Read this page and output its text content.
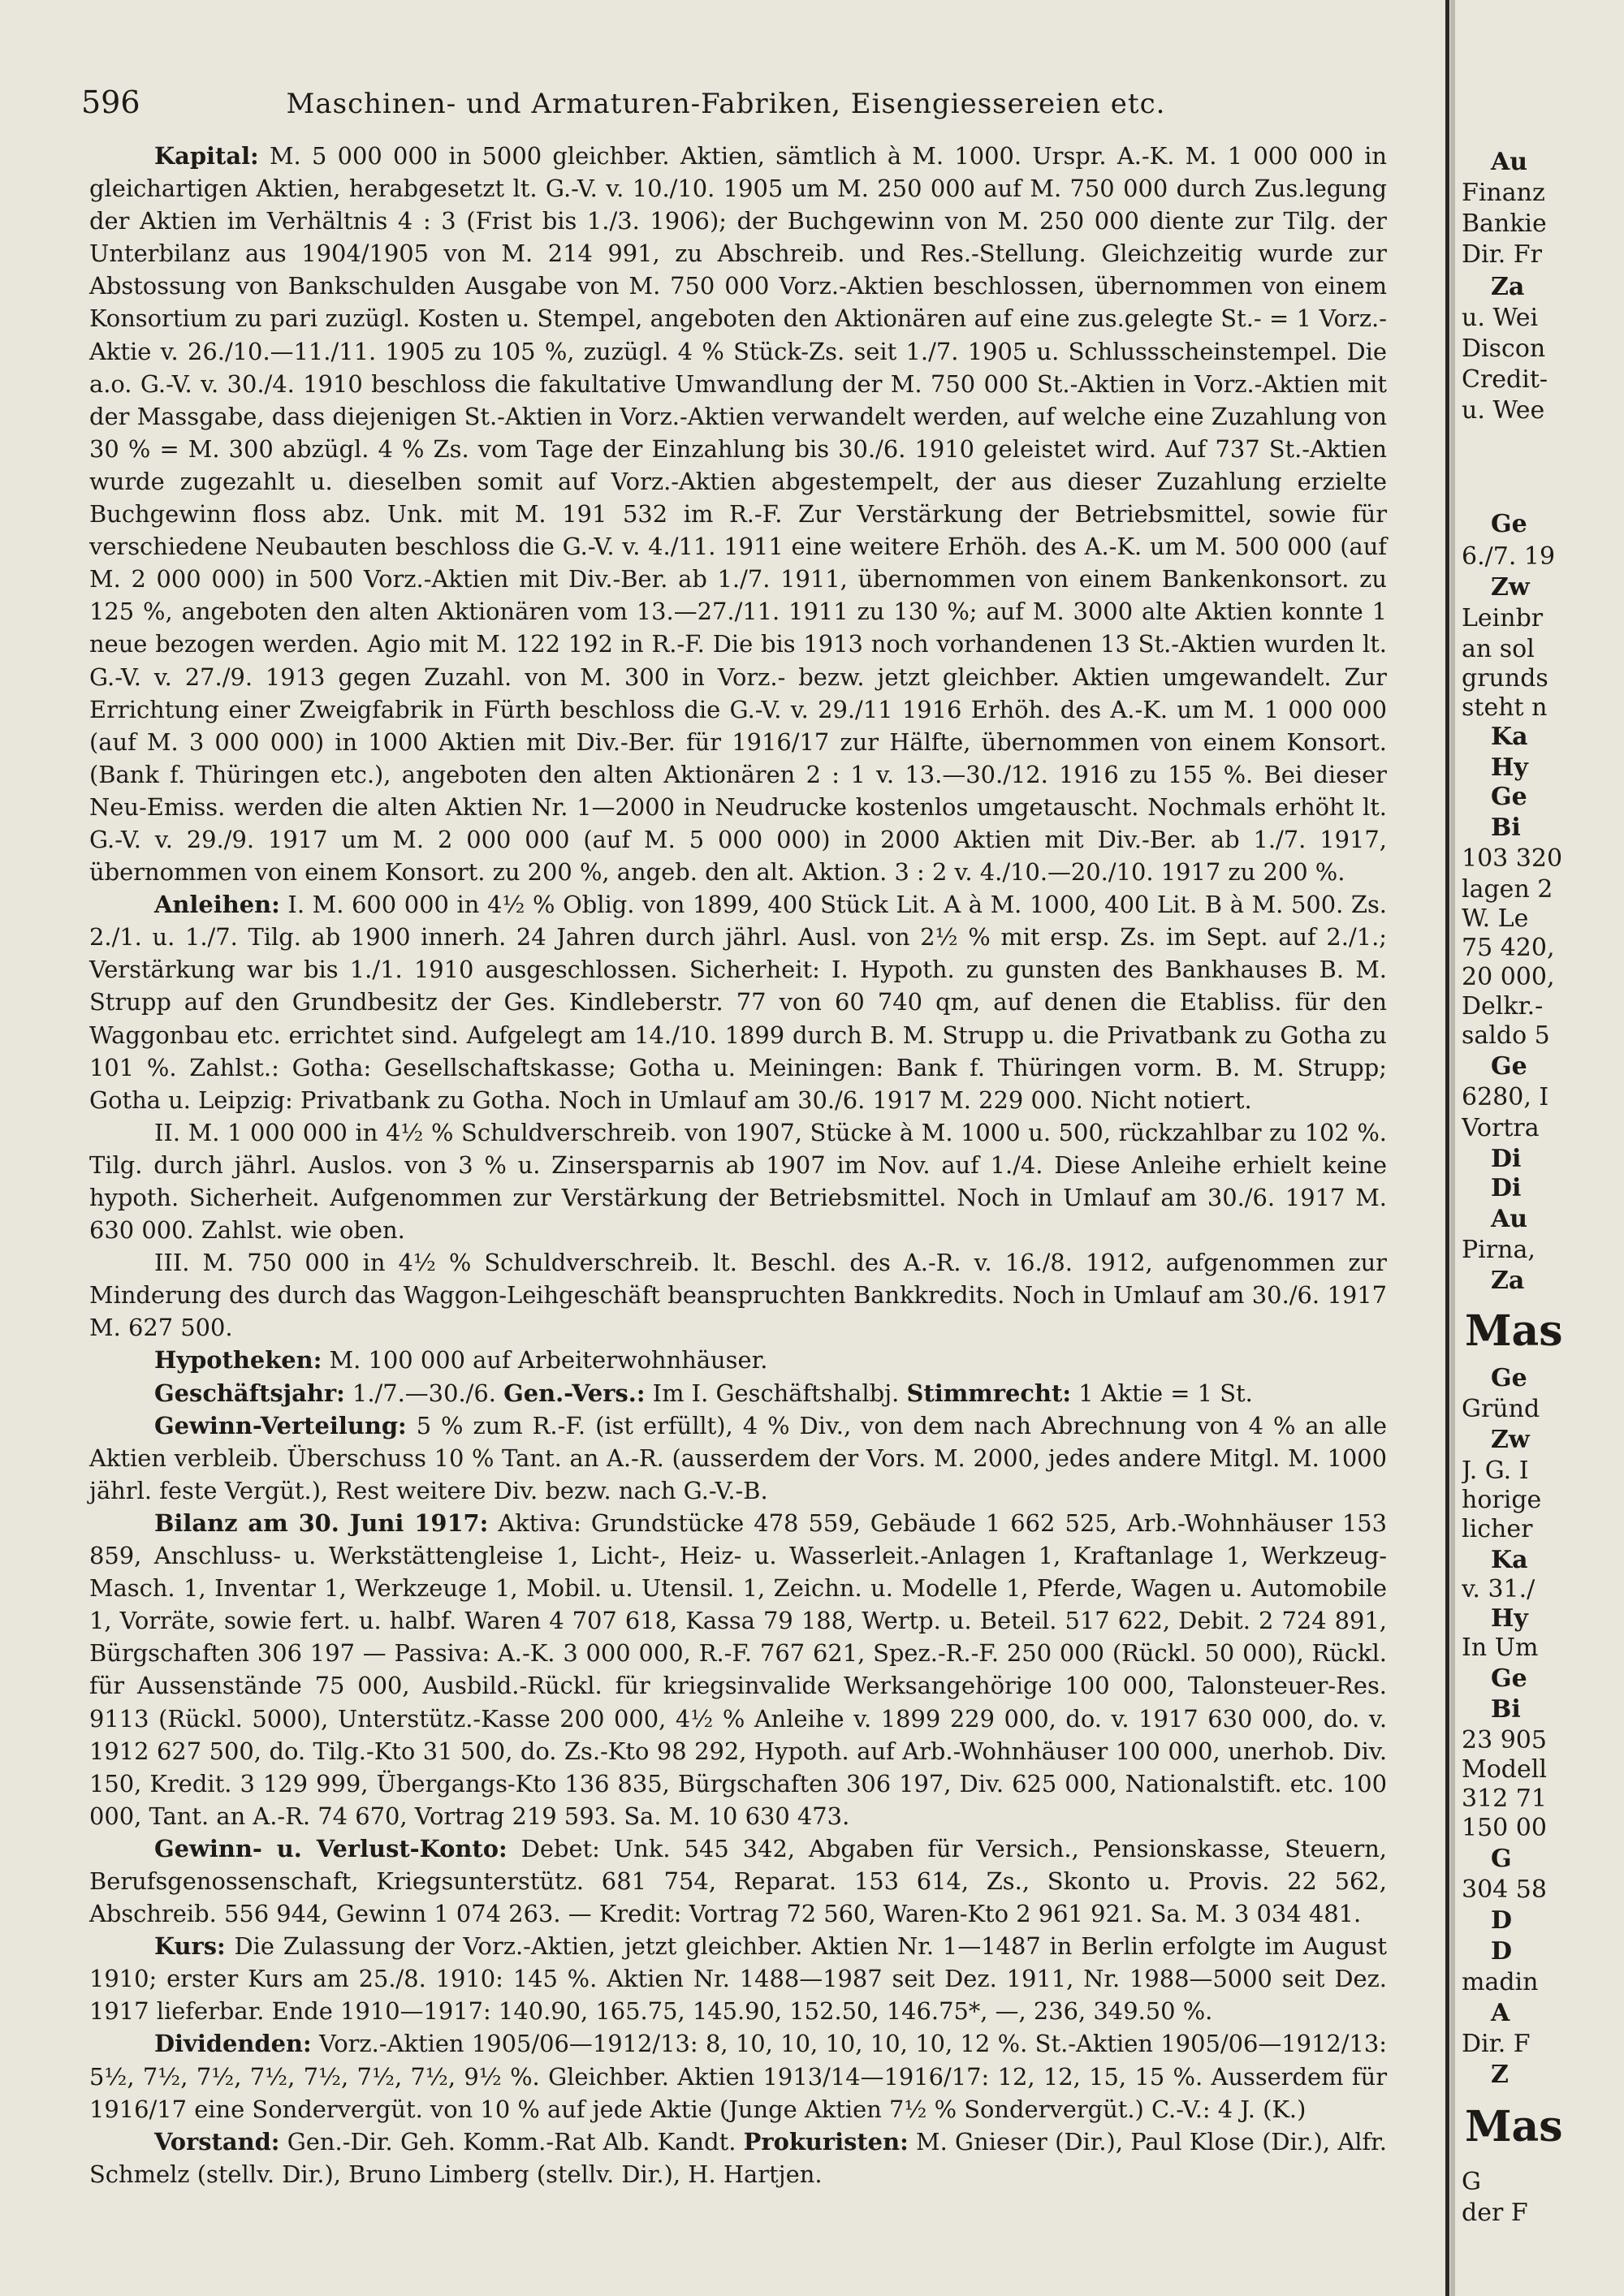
596	Maschinen- und Armaturen-Fabriken, Eisengiessereien etc.

Kapital: M. 5 000 000 in 5000 gleichber. Aktien, sämtlich à M. 1000. Urspr. A.-K. M. 1 000 000 in gleichartigen Aktien, herabgesetzt lt. G.-V. v. 10./10. 1905 um M. 250 000 auf M. 750 000 durch Zus.legung der Aktien im Verhältnis 4 : 3 (Frist bis 1./3. 1906); der Buchgewinn von M. 250 000 diente zur Tilg. der Unterbilanz aus 1904/1905 von M. 214 991, zu Abschreib. und Res.-Stellung. Gleichzeitig wurde zur Abstossung von Bankschulden Ausgabe von M. 750 000 Vorz.-Aktien beschlossen, übernommen von einem Konsortium zu pari zuzügl. Kosten u. Stempel, angeboten den Aktionären auf eine zus.gelegte St.- = 1 Vorz.-Aktie v. 26./10.—11./11. 1905 zu 105 %, zuzügl. 4 % Stück-Zs. seit 1./7. 1905 u. Schlussscheinstempel. Die a.o. G.-V. v. 30./4. 1910 beschloss die fakultative Umwandlung der M. 750 000 St.-Aktien in Vorz.-Aktien mit der Massgabe, dass diejenigen St.-Aktien in Vorz.-Aktien verwandelt werden, auf welche eine Zuzahlung von 30 % = M. 300 abzügl. 4 % Zs. vom Tage der Einzahlung bis 30./6. 1910 geleistet wird. Auf 737 St.-Aktien wurde zugezahlt u. dieselben somit auf Vorz.-Aktien abgestempelt, der aus dieser Zuzahlung erzielte Buchgewinn floss abz. Unk. mit M. 191 532 im R.-F. Zur Verstärkung der Betriebsmittel, sowie für verschiedene Neubauten beschloss die G.-V. v. 4./11. 1911 eine weitere Erhöh. des A.-K. um M. 500 000 (auf M. 2 000 000) in 500 Vorz.-Aktien mit Div.-Ber. ab 1./7. 1911, übernommen von einem Bankenkonsort. zu 125 %, angeboten den alten Aktionären vom 13.—27./11. 1911 zu 130 %; auf M. 3000 alte Aktien konnte 1 neue bezogen werden. Agio mit M. 122 192 in R.-F. Die bis 1913 noch vorhandenen 13 St.-Aktien wurden lt. G.-V. v. 27./9. 1913 gegen Zuzahl. von M. 300 in Vorz.- bezw. jetzt gleichber. Aktien umgewandelt. Zur Errichtung einer Zweigfabrik in Fürth beschloss die G.-V. v. 29./11 1916 Erhöh. des A.-K. um M. 1 000 000 (auf M. 3 000 000) in 1000 Aktien mit Div.-Ber. für 1916/17 zur Hälfte, übernommen von einem Konsort. (Bank f. Thüringen etc.), angeboten den alten Aktionären 2 : 1 v. 13.—30./12. 1916 zu 155 %. Bei dieser Neu-Emiss. werden die alten Aktien Nr. 1—2000 in Neudrucke kostenlos umgetauscht. Nochmals erhöht lt. G.-V. v. 29./9. 1917 um M. 2 000 000 (auf M. 5 000 000) in 2000 Aktien mit Div.-Ber. ab 1./7. 1917, übernommen von einem Konsort. zu 200 %, angeb. den alt. Aktion. 3 : 2 v. 4./10.—20./10. 1917 zu 200 %.

Anleihen: I. M. 600 000 in 4½ % Oblig. von 1899, 400 Stück Lit. A à M. 1000, 400 Lit. B à M. 500. Zs. 2./1. u. 1./7. Tilg. ab 1900 innerh. 24 Jahren durch jährl. Ausl. von 2½ % mit ersp. Zs. im Sept. auf 2./1.; Verstärkung war bis 1./1. 1910 ausgeschlossen. Sicherheit: I. Hypoth. zu gunsten des Bankhauses B. M. Strupp auf den Grundbesitz der Ges. Kindleberstr. 77 von 60 740 qm, auf denen die Etabliss. für den Waggonbau etc. errichtet sind. Aufgelegt am 14./10. 1899 durch B. M. Strupp u. die Privatbank zu Gotha zu 101 %. Zahlst.: Gotha: Gesellschaftskasse; Gotha u. Meiningen: Bank f. Thüringen vorm. B. M. Strupp; Gotha u. Leipzig: Privatbank zu Gotha. Noch in Umlauf am 30./6. 1917 M. 229 000. Nicht notiert.

II. M. 1 000 000 in 4½ % Schuldverschreib. von 1907, Stücke à M. 1000 u. 500, rückzahlbar zu 102 %. Tilg. durch jährl. Auslos. von 3 % u. Zinsersparnis ab 1907 im Nov. auf 1./4. Diese Anleihe erhielt keine hypoth. Sicherheit. Aufgenommen zur Verstärkung der Betriebsmittel. Noch in Umlauf am 30./6. 1917 M. 630 000. Zahlst. wie oben.

III. M. 750 000 in 4½ % Schuldverschreib. lt. Beschl. des A.-R. v. 16./8. 1912, aufgenommen zur Minderung des durch das Waggon-Leihgeschäft beanspruchten Bankkredits. Noch in Umlauf am 30./6. 1917 M. 627 500.

Hypotheken: M. 100 000 auf Arbeiterwohnhäuser.

Geschäftsjahr: 1./7.—30./6. Gen.-Vers.: Im I. Geschäftshalbj. Stimmrecht: 1 Aktie = 1 St.

Gewinn-Verteilung: 5 % zum R.-F. (ist erfüllt), 4 % Div., von dem nach Abrechnung von 4 % an alle Aktien verbleib. Überschuss 10 % Tant. an A.-R. (ausserdem der Vors. M. 2000, jedes andere Mitgl. M. 1000 jährl. feste Vergüt.), Rest weitere Div. bezw. nach G.-V.-B.

Bilanz am 30. Juni 1917: Aktiva: Grundstücke 478 559, Gebäude 1 662 525, Arb.-Wohnhäuser 153 859, Anschluss- u. Werkstättengleise 1, Licht-, Heiz- u. Wasserleit.-Anlagen 1, Kraftanlage 1, Werkzeug-Masch. 1, Inventar 1, Werkzeuge 1, Mobil. u. Utensil. 1, Zeichn. u. Modelle 1, Pferde, Wagen u. Automobile 1, Vorräte, sowie fert. u. halbf. Waren 4 707 618, Kassa 79 188, Wertp. u. Beteil. 517 622, Debit. 2 724 891, Bürgschaften 306 197 — Passiva: A.-K. 3 000 000, R.-F. 767 621, Spez.-R.-F. 250 000 (Rückl. 50 000), Rückl. für Aussenstände 75 000, Ausbild.-Rückl. für kriegsinvalide Werksangehörige 100 000, Talonsteuer-Res. 9113 (Rückl. 5000), Unterstütz.-Kasse 200 000, 4½ % Anleihe v. 1899 229 000, do. v. 1917 630 000, do. v. 1912 627 500, do. Tilg.-Kto 31 500, do. Zs.-Kto 98 292, Hypoth. auf Arb.-Wohnhäuser 100 000, unerhob. Div. 150, Kredit. 3 129 999, Übergangs-Kto 136 835, Bürgschaften 306 197, Div. 625 000, Nationalstift. etc. 100 000, Tant. an A.-R. 74 670, Vortrag 219 593. Sa. M. 10 630 473.

Gewinn- u. Verlust-Konto: Debet: Unk. 545 342, Abgaben für Versich., Pensionskasse, Steuern, Berufsgenossenschaft, Kriegsunterstütz. 681 754, Reparat. 153 614, Zs., Skonto u. Provis. 22 562, Abschreib. 556 944, Gewinn 1 074 263. — Kredit: Vortrag 72 560, Waren-Kto 2 961 921. Sa. M. 3 034 481.

Kurs: Die Zulassung der Vorz.-Aktien, jetzt gleichber. Aktien Nr. 1—1487 in Berlin erfolgte im August 1910; erster Kurs am 25./8. 1910: 145 %. Aktien Nr. 1488—1987 seit Dez. 1911, Nr. 1988—5000 seit Dez. 1917 lieferbar. Ende 1910—1917: 140.90, 165.75, 145.90, 152.50, 146.75*, —, 236, 349.50 %.

Dividenden: Vorz.-Aktien 1905/06—1912/13: 8, 10, 10, 10, 10, 10, 12 %. St.-Aktien 1905/06—1912/13: 5½, 7½, 7½, 7½, 7½, 7½, 7½, 9½ %. Gleichber. Aktien 1913/14—1916/17: 12, 12, 15, 15 %. Ausserdem für 1916/17 eine Sondervergüt. von 10 % auf jede Aktie (Junge Aktien 7½ % Sondervergüt.) C.-V.: 4 J. (K.)

Vorstand: Gen.-Dir. Geh. Komm.-Rat Alb. Kandt. Prokuristen: M. Gnieser (Dir.), Paul Klose (Dir.), Alfr. Schmelz (stellv. Dir.), Bruno Limberg (stellv. Dir.), H. Hartjen.

Au
Finanz
Bankie
Dir. Fr
Za
u. Wei
Discon
Credit-
u. Wee
Ge
6./7. 19
Zw
Leinbr
an sol
grunds
steht n
Ka
Hy
Ge
Bi
103 320
lagen 2
W. Le
75 420,
20 000,
Delkr.-
saldo 5
Ge
6280, I
Vortra
Di
Di
Au
Pirna,
Za
Mas
Ge
Gründ
Zw
J. G. I
horige
licher
Ka
v. 31./
Hy
In Um
Ge
Bi
23 905
Modell
312 71
150 00
G
304 58
D
D
madin
A
Dir. F
Z
Mas
G
der F
